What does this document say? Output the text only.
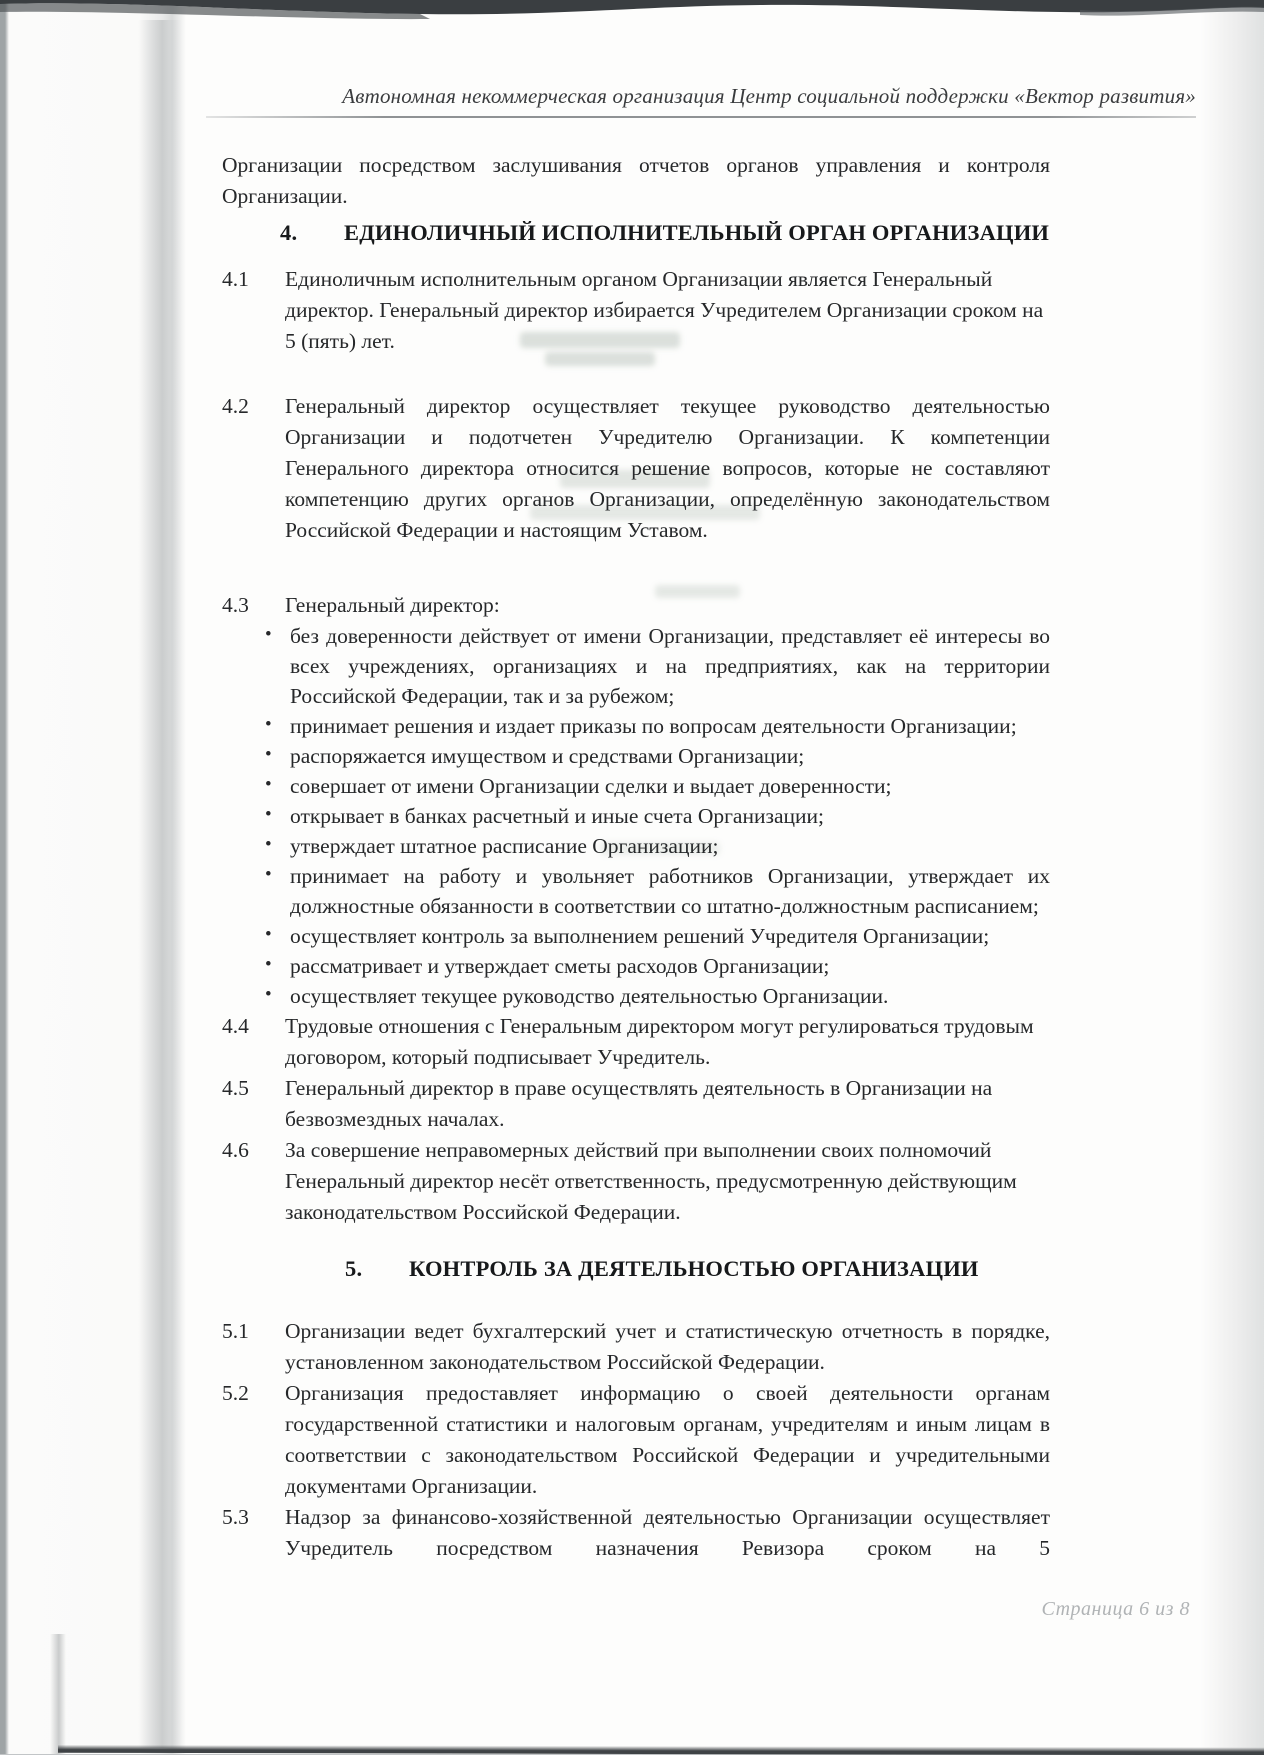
Автономная некоммерческая организация Центр социальной поддержки «Вектор развития»

Организации посредством заслушивания отчетов органов управления и контроля Организации.

4.	ЕДИНОЛИЧНЫЙ ИСПОЛНИТЕЛЬНЫЙ ОРГАН ОРГАНИЗАЦИИ
4.1 Единоличным исполнительным органом Организации является Генеральный директор. Генеральный директор избирается Учредителем Организации сроком на 5 (пять) лет.
4.2 Генеральный директор осуществляет текущее руководство деятельностью Организации и подотчетен Учредителю Организации. К компетенции Генерального директора относится решение вопросов, которые не составляют компетенцию других органов Организации, определённую законодательством Российской Федерации и настоящим Уставом.
4.3 Генеральный директор:
• без доверенности действует от имени Организации, представляет её интересы во всех учреждениях, организациях и на предприятиях, как на территории Российской Федерации, так и за рубежом;
• принимает решения и издает приказы по вопросам деятельности Организации;
• распоряжается имуществом и средствами Организации;
• совершает от имени Организации сделки и выдает доверенности;
• открывает в банках расчетный и иные счета Организации;
• утверждает штатное расписание Организации;
• принимает на работу и увольняет работников Организации, утверждает их должностные обязанности в соответствии со штатно-должностным расписанием;
• осуществляет контроль за выполнением решений Учредителя Организации;
• рассматривает и утверждает сметы расходов Организации;
• осуществляет текущее руководство деятельностью Организации.
4.4 Трудовые отношения с Генеральным директором могут регулироваться трудовым договором, который подписывает Учредитель.
4.5 Генеральный директор в праве осуществлять деятельность в Организации на безвозмездных началах.
4.6 За совершение неправомерных действий при выполнении своих полномочий Генеральный директор несёт ответственность, предусмотренную действующим законодательством Российской Федерации.
5.	КОНТРОЛЬ ЗА ДЕЯТЕЛЬНОСТЬЮ ОРГАНИЗАЦИИ
5.1 Организации ведет бухгалтерский учет и статистическую отчетность в порядке, установленном законодательством Российской Федерации.
5.2 Организация предоставляет информацию о своей деятельности органам государственной статистики и налоговым органам, учредителям и иным лицам в соответствии с законодательством Российской Федерации и учредительными документами Организации.
5.3 Надзор за финансово-хозяйственной деятельностью Организации осуществляет Учредитель посредством назначения Ревизора сроком на 5
Страница 6 из 8
